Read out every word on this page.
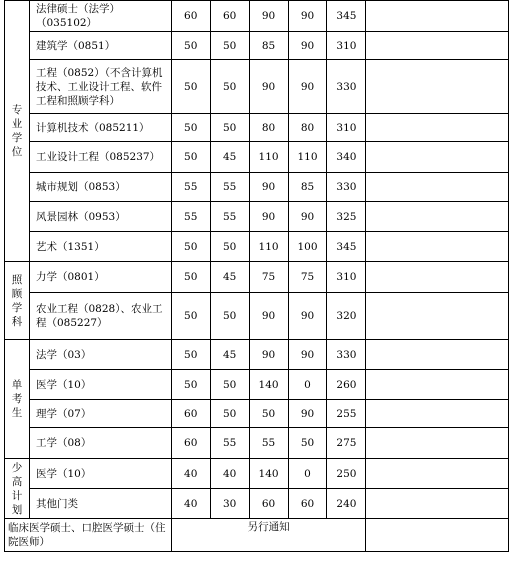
专业学位	法律硕士（法学）（035102）	60	60	90	90	345	
	建筑学（0851）	50	50	85	90	310	
	工程（0852）（不含计算机技术、工业设计工程、软件工程和照顾学科）	50	50	90	90	330	
	计算机技术（085211）	50	50	80	80	310	
	工业设计工程（085237）	50	45	110	110	340	
	城市规划（0853）	55	55	90	85	330	
	风景园林（0953）	55	55	90	90	325	
	艺术（1351）	50	50	110	100	345	

照顾学科	力学（0801）	50	45	75	75	310	
	农业工程（0828）、农业工程（085227）	50	50	90	90	320	

单考生	法学（03）	50	45	90	90	330	
	医学（10）	50	50	140	0	260	
	理学（07）	60	50	50	90	255	
	工学（08）	60	55	55	50	275	

少高计划	医学（10）	40	40	140	0	250	
	其他门类	40	30	60	60	240	
临床医学硕士、口腔医学硕士（住院医师）		另行通知					
